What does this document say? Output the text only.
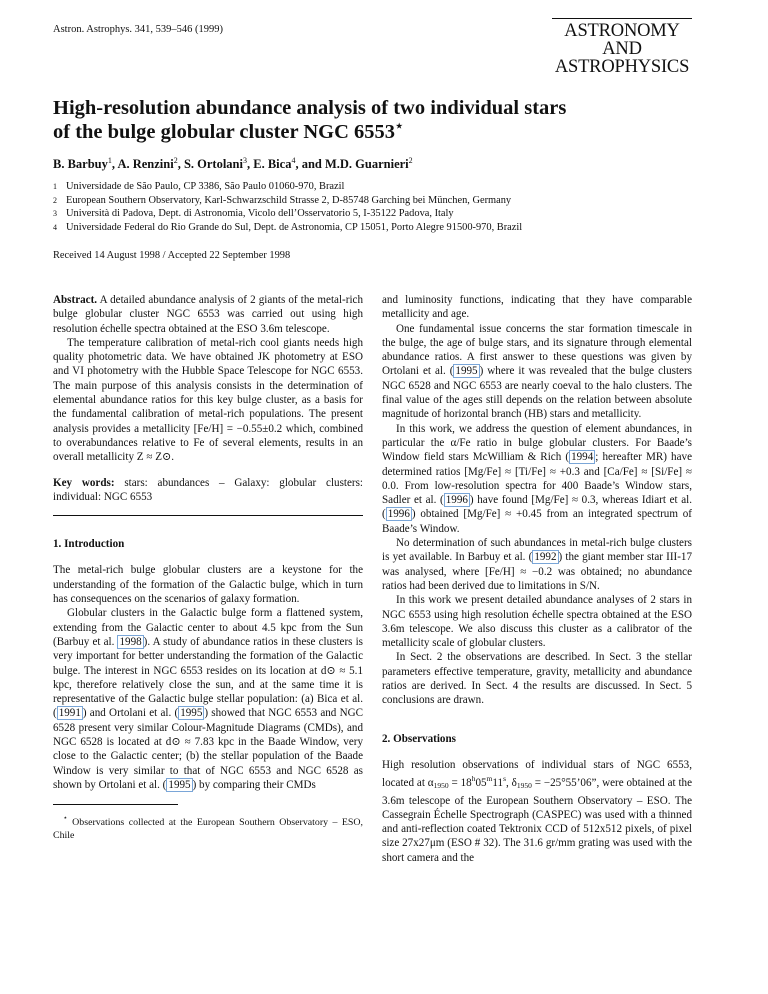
Astron. Astrophys. 341, 539–546 (1999)	ASTRONOMY
AND
ASTROPHYSICS
High-resolution abundance analysis of two individual stars
of the bulge globular cluster NGC 6553⋆
B. Barbuy$^1$, A. Renzini$^2$, S. Ortolani$^3$, E. Bica$^4$, and M.D. Guarnieri$^2$
1 Universidade de São Paulo, CP 3386, São Paulo 01060-970, Brazil
2 European Southern Observatory, Karl-Schwarzschild Strasse 2, D-85748 Garching bei München, Germany
3 Università di Padova, Dept. di Astronomia, Vicolo dell’Osservatorio 5, I-35122 Padova, Italy
4 Universidade Federal do Rio Grande do Sul, Dept. de Astronomia, CP 15051, Porto Alegre 91500-970, Brazil
Received 14 August 1998 / Accepted 22 September 1998

Abstract. A detailed abundance analysis of 2 giants of the metal-rich bulge globular cluster NGC 6553 was carried out using high resolution échelle spectra obtained at the ESO 3.6m telescope.

The temperature calibration of metal-rich cool giants needs high quality photometric data. We have obtained JK photometry at ESO and VI photometry with the Hubble Space Telescope for NGC 6553. The main purpose of this analysis consists in the determination of elemental abundance ratios for this key bulge cluster, as a basis for the fundamental calibration of metal-rich populations. The present analysis provides a metallicity [Fe/H] = −0.55±0.2 which, combined to overabundances relative to Fe of several elements, results in an overall metallicity Z ≈ Z⊙.

Key words: stars: abundances – Galaxy: globular clusters: individual: NGC 6553

1. Introduction

The metal-rich bulge globular clusters are a keystone for the understanding of the formation of the Galactic bulge, which in turn has consequences on the scenarios of galaxy formation.

Globular clusters in the Galactic bulge form a flattened system, extending from the Galactic center to about 4.5 kpc from the Sun (Barbuy et al. 1998 ). A study of abundance ratios in these clusters is very important for better understanding the formation of the Galactic bulge. The interest in NGC 6553 resides on its location at d⊙ ≈ 5.1 kpc, therefore relatively close the sun, and at the same time it is representative of the Galactic bulge stellar population: (a) Bica et al. ( 1991 ) and Ortolani et al. ( 1995 ) showed that NGC 6553 and NGC 6528 present very similar Colour-Magnitude Diagrams (CMDs), and NGC 6528 is located at d⊙ ≈ 7.83 kpc in the Baade Window, very close to the Galactic center; (b) the stellar population of the Baade Window is very similar to that of NGC 6553 and NGC 6528 as shown by Ortolani et al. ( 1995 ) by comparing their CMDs

⋆ Observations collected at the European Southern Observatory – ESO, Chile

and luminosity functions, indicating that they have comparable metallicity and age.

One fundamental issue concerns the star formation timescale in the bulge, the age of bulge stars, and its signature through elemental abundance ratios. A first answer to these questions was given by Ortolani et al. ( 1995 ) where it was revealed that the bulge clusters NGC 6528 and NGC 6553 are nearly coeval to the halo clusters. The final value of the ages still depends on the relation between absolute magnitude of horizontal branch (HB) stars and metallicity.

In this work, we address the question of element abundances, in particular the α/Fe ratio in bulge globular clusters. For Baade’s Window field stars McWilliam & Rich ( 1994 ; hereafter MR) have determined ratios [Mg/Fe] ≈ [Ti/Fe] ≈ +0.3 and [Ca/Fe] ≈ [Si/Fe] ≈ 0.0. From low-resolution spectra for 400 Baade’s Window stars, Sadler et al. ( 1996 ) have found [Mg/Fe] ≈ 0.3, whereas Idiart et al. ( 1996 ) obtained [Mg/Fe] ≈ +0.45 from an integrated spectrum of Baade’s Window.

No determination of such abundances in metal-rich bulge clusters is yet available. In Barbuy et al. ( 1992 ) the giant member star III-17 was analysed, where [Fe/H] ≈ −0.2 was obtained; no abundance ratios had been derived due to limitations in S/N.

In this work we present detailed abundance analyses of 2 stars in NGC 6553 using high resolution échelle spectra obtained at the ESO 3.6m telescope. We also discuss this cluster as a calibrator of the metallicity scale of globular clusters.

In Sect. 2 the observations are described. In Sect. 3 the stellar parameters effective temperature, gravity, metallicity and abundance ratios are derived. In Sect. 4 the results are discussed. In Sect. 5 conclusions are drawn.

2. Observations

High resolution observations of individual stars of NGC 6553, located at $\alpha_{1950} = 18^h05^m11^s$, $\delta_{1950}$ = −25°55’06”, were obtained at the 3.6m telescope of the European Southern Observatory – ESO. The Cassegrain Échelle Spectrograph (CASPEC) was used with a thinned and anti-reflection coated Tektronix CCD of 512x512 pixels, of pixel size 27x27μm (ESO # 32). The 31.6 gr/mm grating was used with the short camera and the
